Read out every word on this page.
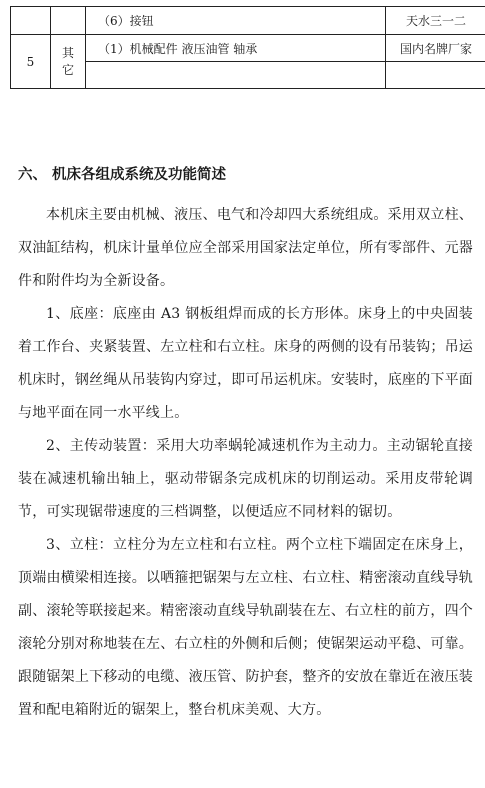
		（6）接钮	天水三一二
5	其它	（1）机械配件 液压油管 轴承	国内名牌厂家

六、 机床各组成系统及功能简述

本机床主要由机械、液压、电气和冷却四大系统组成。采用双立柱、双油缸结构，机床计量单位应全部采用国家法定单位，所有零部件、元器件和附件均为全新设备。

1、底座：底座由 A3 钢板组焊而成的长方形体。床身上的中央固装着工作台、夹紧装置、左立柱和右立柱。床身的两侧的设有吊装钩；吊运机床时，钢丝绳从吊装钩内穿过，即可吊运机床。安装时，底座的下平面与地平面在同一水平线上。

2、主传动装置：采用大功率蜗轮减速机作为主动力。主动锯轮直接装在减速机输出轴上，驱动带锯条完成机床的切削运动。采用皮带轮调节，可实现锯带速度的三档调整，以便适应不同材料的锯切。

3、立柱：立柱分为左立柱和右立柱。两个立柱下端固定在床身上，顶端由横梁相连接。以哂箍把锯架与左立柱、右立柱、精密滚动直线导轨副、滚轮等联接起来。精密滚动直线导轨副装在左、右立柱的前方，四个滚轮分别对称地装在左、右立柱的外侧和后侧；使锯架运动平稳、可靠。跟随锯架上下移动的电缆、液压管、防护套，整齐的安放在靠近在液压装置和配电箱附近的锯架上，整台机床美观、大方。
